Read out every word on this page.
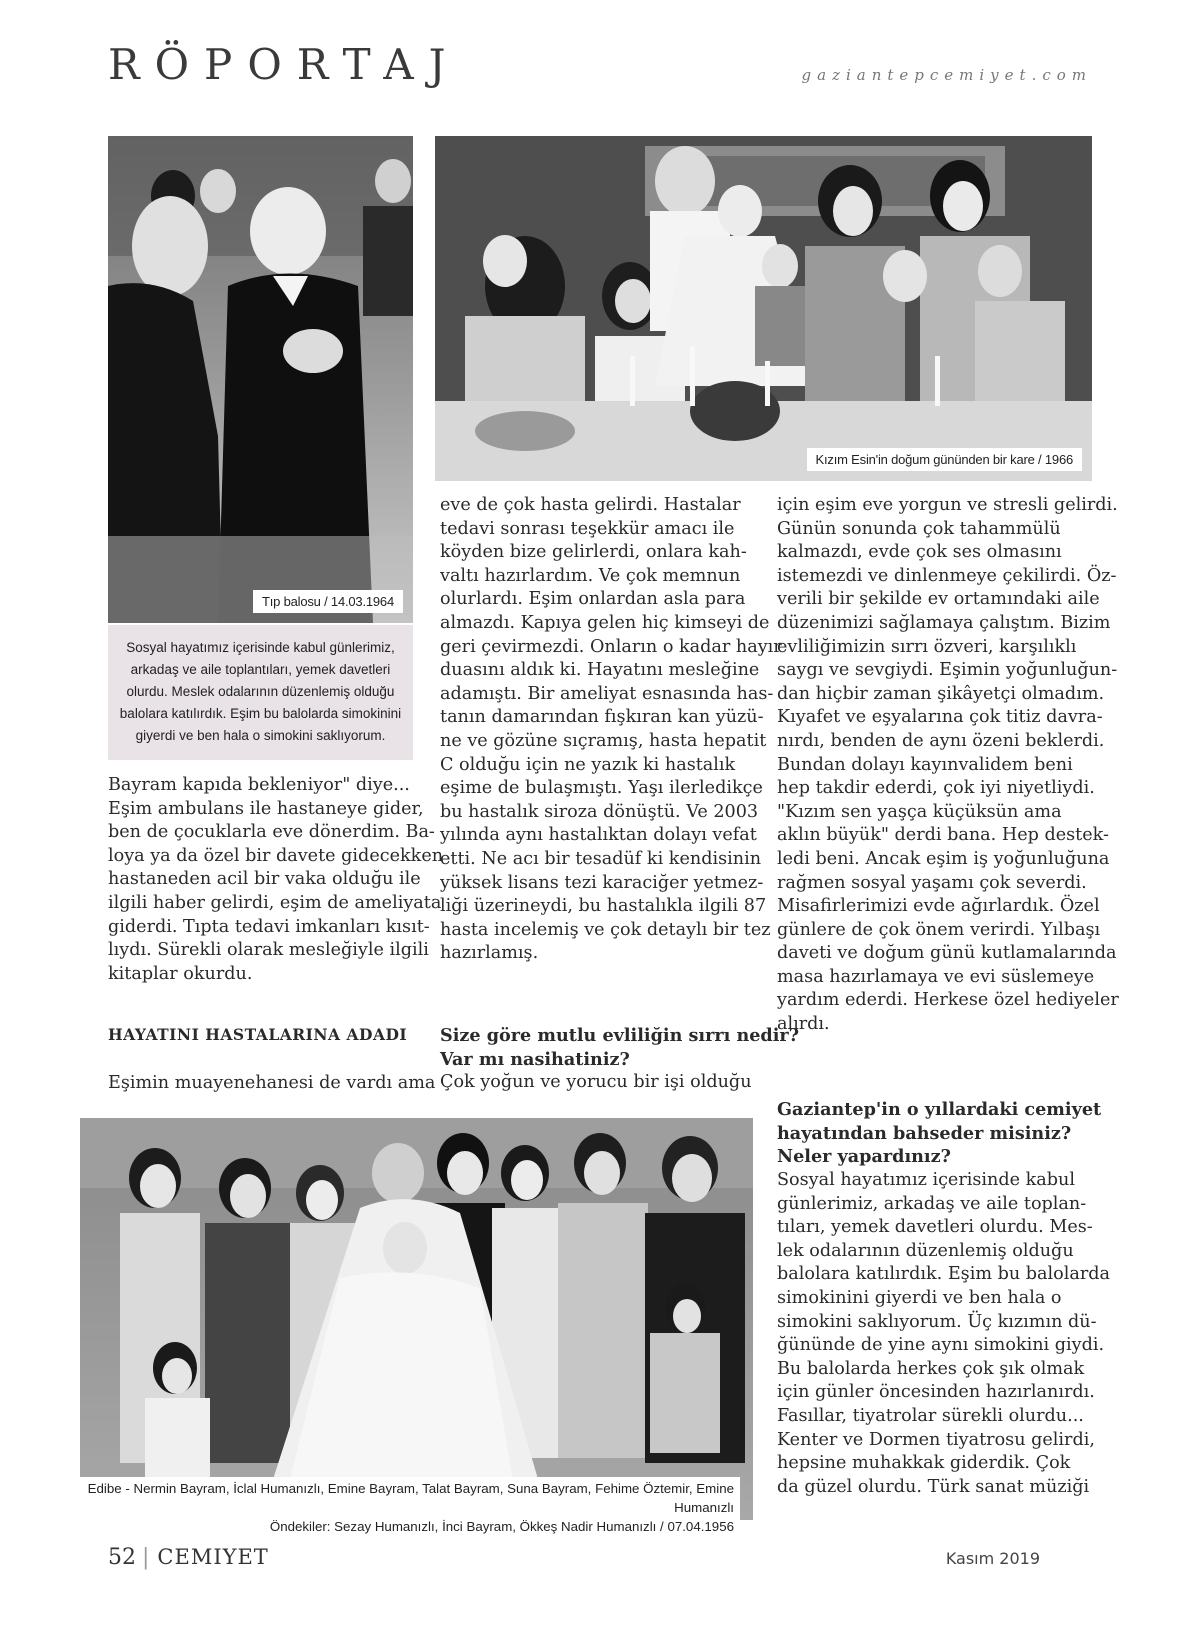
RÖPORTAJ	gaziantepcemiyet.com
Tıp balosu / 14.03.1964
Kızım Esin'in doğum gününden bir kare / 1966
Sosyal hayatımız içerisinde kabul günlerimiz,
arkadaş ve aile toplantıları, yemek davetleri
olurdu. Meslek odalarının düzenlemiş olduğu
balolara katılırdık. Eşim bu balolarda simokinini
giyerdi ve ben hala o simokini saklıyorum.

Bayram kapıda bekleniyor" diye...
Eşim ambulans ile hastaneye gider,
ben de çocuklarla eve dönerdim. Ba-
loya ya da özel bir davete gidecekken
hastaneden acil bir vaka olduğu ile
ilgili haber gelirdi, eşim de ameliyata
giderdi. Tıpta tedavi imkanları kısıt-
lıydı. Sürekli olarak mesleğiyle ilgili
kitaplar okurdu.

HAYATINI HASTALARINA ADADI
Eşimin muayenehanesi de vardı ama

eve de çok hasta gelirdi. Hastalar
tedavi sonrası teşekkür amacı ile
köyden bize gelirlerdi, onlara kah-
valtı hazırlardım. Ve çok memnun
olurlardı. Eşim onlardan asla para
almazdı. Kapıya gelen hiç kimseyi de
geri çevirmezdi. Onların o kadar hayır
duasını aldık ki. Hayatını mesleğine
adamıştı. Bir ameliyat esnasında has-
tanın damarından fışkıran kan yüzü-
ne ve gözüne sıçramış, hasta hepatit
C olduğu için ne yazık ki hastalık
eşime de bulaşmıştı. Yaşı ilerledikçe
bu hastalık siroza dönüştü. Ve 2003
yılında aynı hastalıktan dolayı vefat
etti. Ne acı bir tesadüf ki kendisinin
yüksek lisans tezi karaciğer yetmez-
liği üzerineydi, bu hastalıkla ilgili 87
hasta incelemiş ve çok detaylı bir tez
hazırlamış.

Size göre mutlu evliliğin sırrı nedir?
Var mı nasihatiniz?
Çok yoğun ve yorucu bir işi olduğu

için eşim eve yorgun ve stresli gelirdi.
Günün sonunda çok tahammülü
kalmazdı, evde çok ses olmasını
istemezdi ve dinlenmeye çekilirdi. Öz-
verili bir şekilde ev ortamındaki aile
düzenimizi sağlamaya çalıştım. Bizim
evliliğimizin sırrı özveri, karşılıklı
saygı ve sevgiydi. Eşimin yoğunluğun-
dan hiçbir zaman şikâyetçi olmadım.
Kıyafet ve eşyalarına çok titiz davra-
nırdı, benden de aynı özeni beklerdi.
Bundan dolayı kayınvalidem beni
hep takdir ederdi, çok iyi niyetliydi.
"Kızım sen yaşça küçüksün ama
aklın büyük" derdi bana. Hep destek-
ledi beni. Ancak eşim iş yoğunluğuna
rağmen sosyal yaşamı çok severdi.
Misafirlerimizi evde ağırlardık. Özel
günlere de çok önem verirdi. Yılbaşı
daveti ve doğum günü kutlamalarında
masa hazırlamaya ve evi süslemeye
yardım ederdi. Herkese özel hediyeler
alırdı.

Gaziantep'in o yıllardaki cemiyet
hayatından bahseder misiniz?
Neler yapardınız?
Sosyal hayatımız içerisinde kabul
günlerimiz, arkadaş ve aile toplan-
tıları, yemek davetleri olurdu. Mes-
lek odalarının düzenlemiş olduğu
balolara katılırdık. Eşim bu balolarda
simokinini giyerdi ve ben hala o
simokini saklıyorum. Üç kızımın dü-
ğününde de yine aynı simokini giydi.
Bu balolarda herkes çok şık olmak
için günler öncesinden hazırlanırdı.
Fasıllar, tiyatrolar sürekli olurdu...
Kenter ve Dormen tiyatrosu gelirdi,
hepsine muhakkak giderdik. Çok
da güzel olurdu. Türk sanat müziği
Edibe - Nermin Bayram, İclal Humanızlı, Emine Bayram, Talat Bayram, Suna Bayram, Fehime Öztemir, Emine Humanızlı
Öndekiler: Sezay Humanızlı, İnci Bayram, Ökkeş Nadir Humanızlı / 07.04.1956
52 | CEMIYET	Kasım 2019
